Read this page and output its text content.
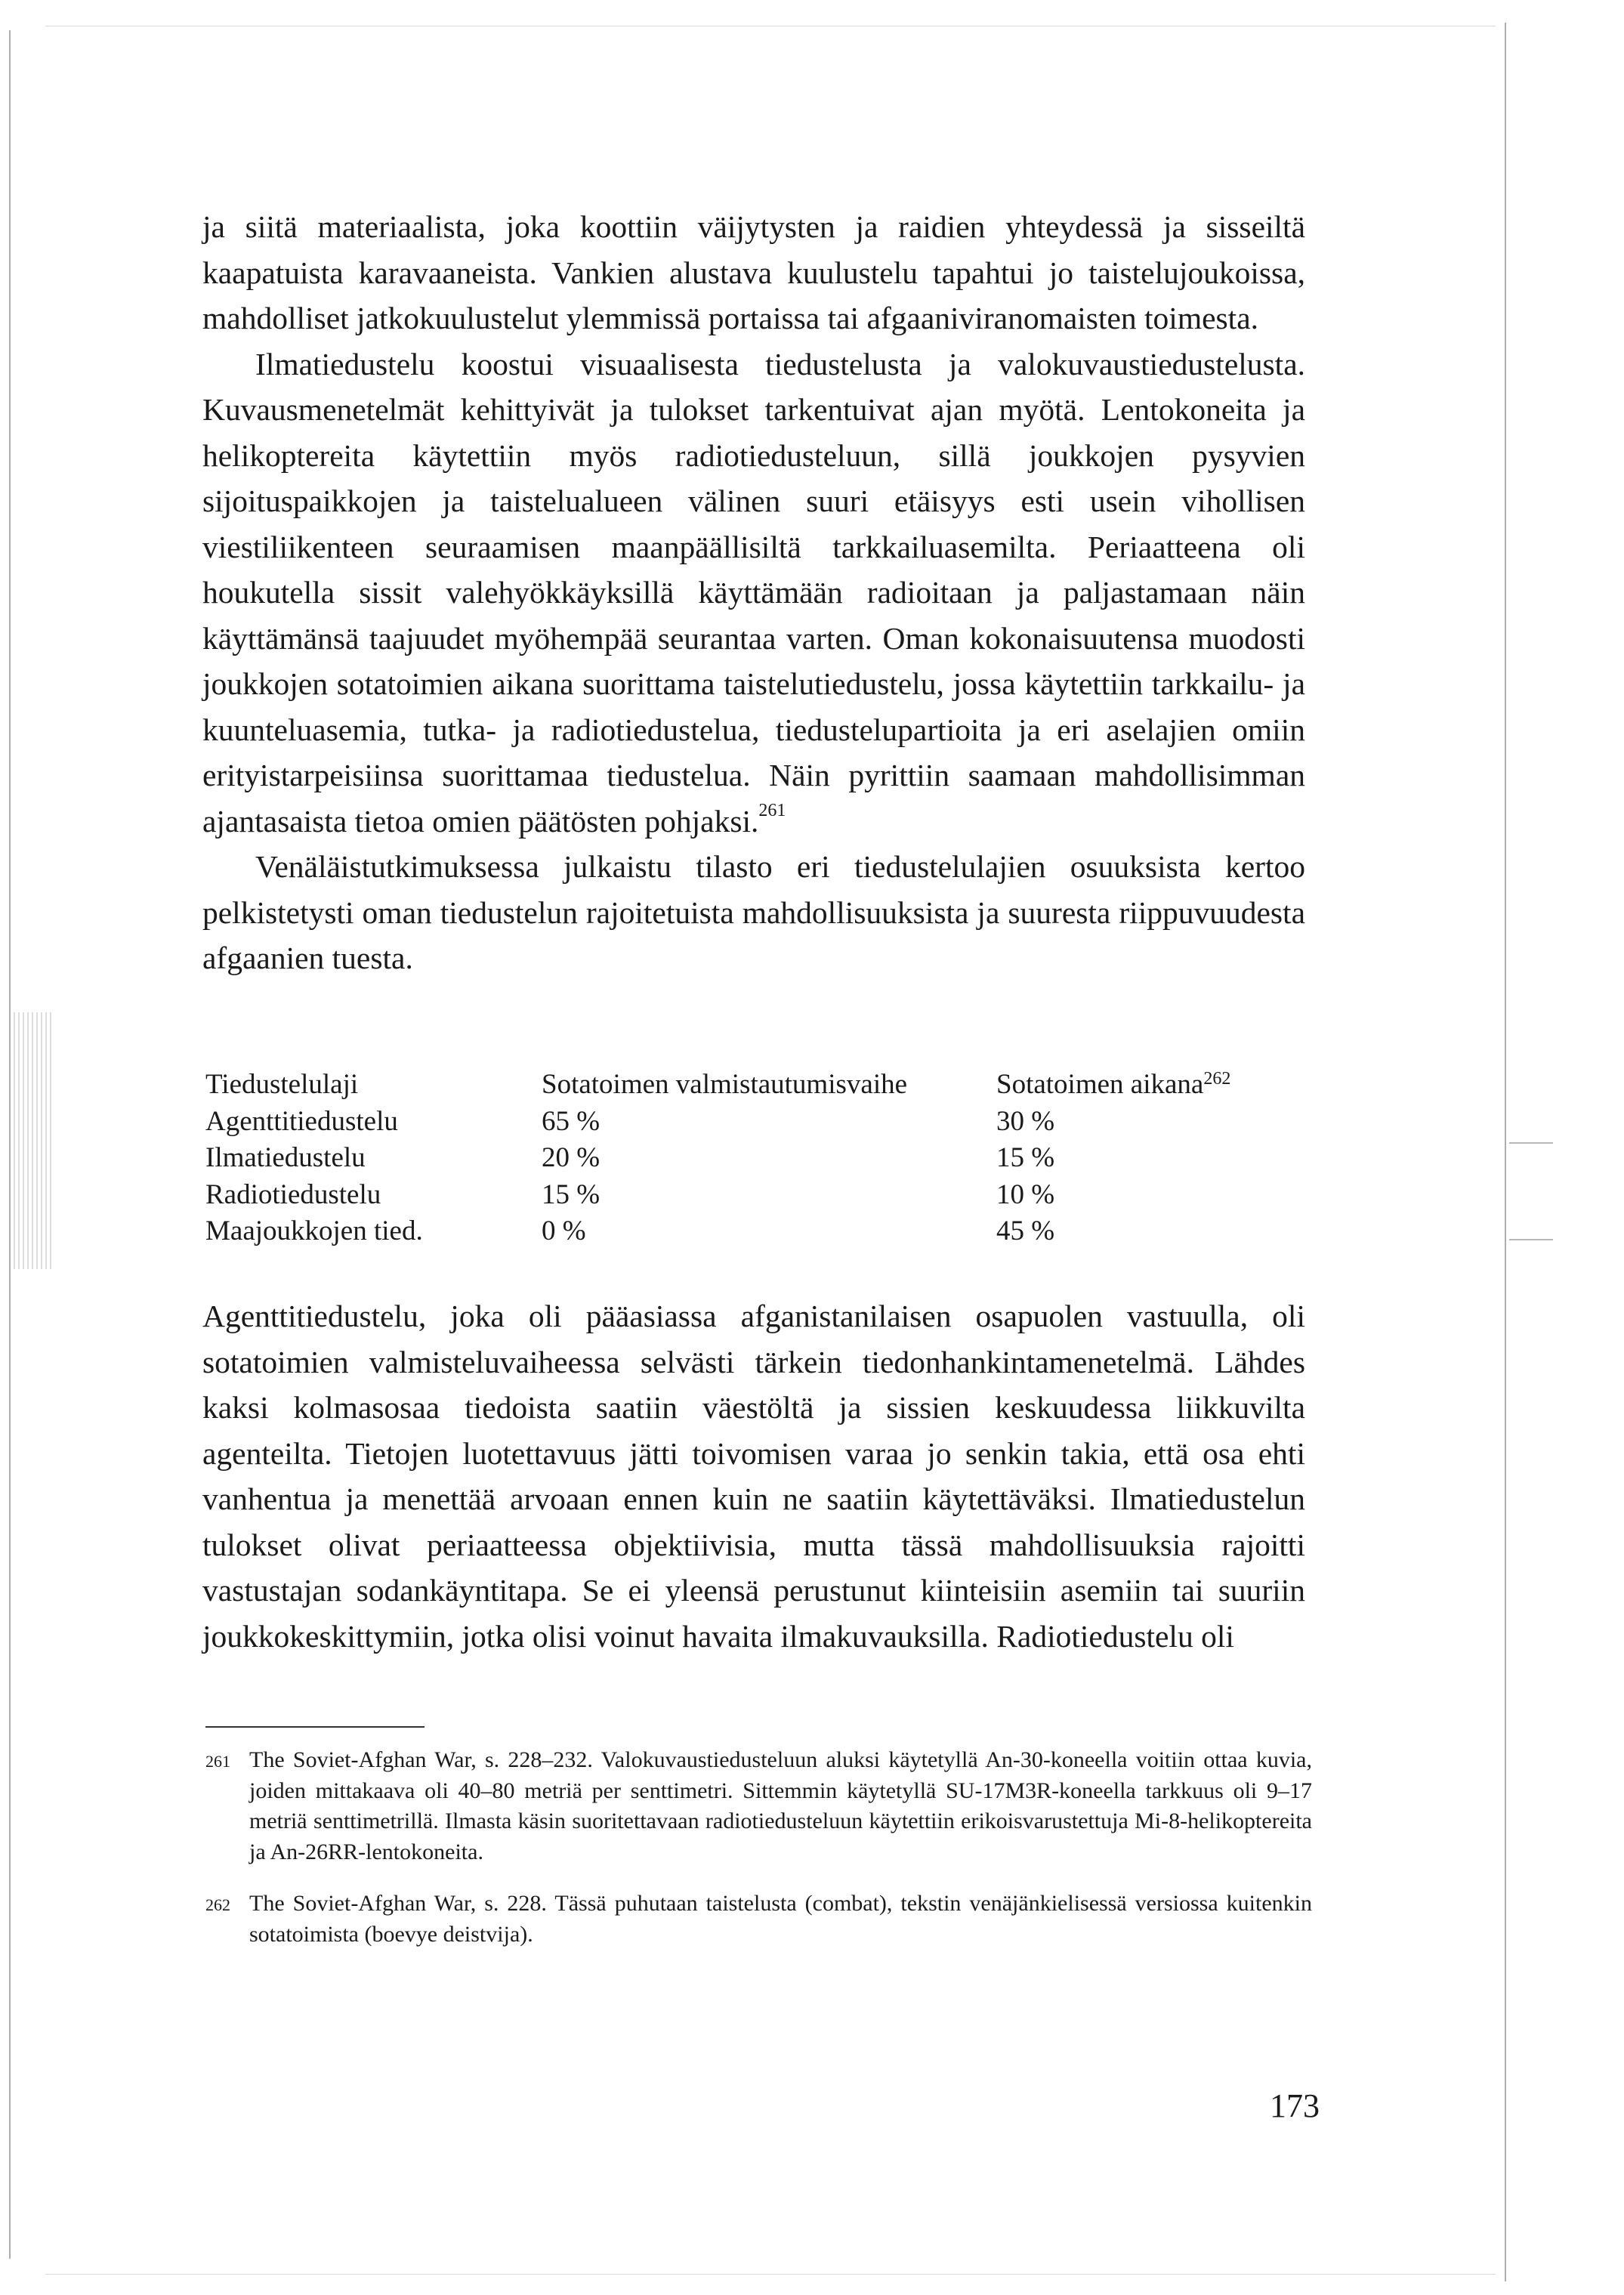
ja siitä materiaalista, joka koottiin väijytysten ja raidien yhteydessä ja sisseiltä kaapatuista karavaaneista. Vankien alustava kuulustelu tapahtui jo taistelujoukoissa, mahdolliset jatkokuulustelut ylemmissä portaissa tai afgaaniviranomaisten toimesta.

Ilmatiedustelu koostui visuaalisesta tiedustelusta ja valokuvaustiedustelusta. Kuvausmenetelmät kehittyivät ja tulokset tarkentuivat ajan myötä. Lentokoneita ja helikoptereita käytettiin myös radiotiedusteluun, sillä joukkojen pysyvien sijoituspaikkojen ja taistelualueen välinen suuri etäisyys esti usein vihollisen viestiliikenteen seuraamisen maanpäällisiltä tarkkailuasemilta. Periaatteena oli houkutella sissit valehyökkäyksillä käyttämään radioitaan ja paljastamaan näin käyttämänsä taajuudet myöhempää seurantaa varten. Oman kokonaisuutensa muodosti joukkojen sotatoimien aikana suorittama taistelutiedustelu, jossa käytettiin tarkkailu- ja kuunteluasemia, tutka- ja radiotiedustelua, tiedustelupartioita ja eri aselajien omiin erityistarpeisiinsa suorittamaa tiedustelua. Näin pyrittiin saamaan mahdollisimman ajantasaista tietoa omien päätösten pohjaksi.$^{261}$

Venäläistutkimuksessa julkaistu tilasto eri tiedustelulajien osuuksista kertoo pelkistetysti oman tiedustelun rajoitetuista mahdollisuuksista ja suuresta riippuvuudesta afgaanien tuesta.

Tiedustelulaji	Sotatoimen valmistautumisvaihe	Sotatoimen aikana$^{262}$
Agenttitiedustelu	65 %	30 %
Ilmatiedustelu	20 %	15 %
Radiotiedustelu	15 %	10 %
Maajoukkojen tied.	0 %	45 %

Agenttitiedustelu, joka oli pääasiassa afganistanilaisen osapuolen vastuulla, oli sotatoimien valmisteluvaiheessa selvästi tärkein tiedonhankintamenetelmä. Lähdes kaksi kolmasosaa tiedoista saatiin väestöltä ja sissien keskuudessa liikkuvilta agenteilta. Tietojen luotettavuus jätti toivomisen varaa jo senkin takia, että osa ehti vanhentua ja menettää arvoaan ennen kuin ne saatiin käytettäväksi. Ilmatiedustelun tulokset olivat periaatteessa objektiivisia, mutta tässä mahdollisuuksia rajoitti vastustajan sodankäyntitapa. Se ei yleensä perustunut kiinteisiin asemiin tai suuriin joukkokeskittymiin, jotka olisi voinut havaita ilmakuvauksilla. Radiotiedustelu oli

261 The Soviet-Afghan War, s. 228–232. Valokuvaustiedusteluun aluksi käytetyllä An-30-koneella voitiin ottaa kuvia, joiden mittakaava oli 40–80 metriä per senttimetri. Sittemmin käytetyllä SU-17M3R-koneella tarkkuus oli 9–17 metriä senttimetrillä. Ilmasta käsin suoritettavaan radiotiedusteluun käytettiin erikoisvarustettuja Mi-8-helikoptereita ja An-26RR-lentokoneita.

262 The Soviet-Afghan War, s. 228. Tässä puhutaan taistelusta (combat), tekstin venäjänkielisessä versiossa kuitenkin sotatoimista (boevye deistvija).

173
